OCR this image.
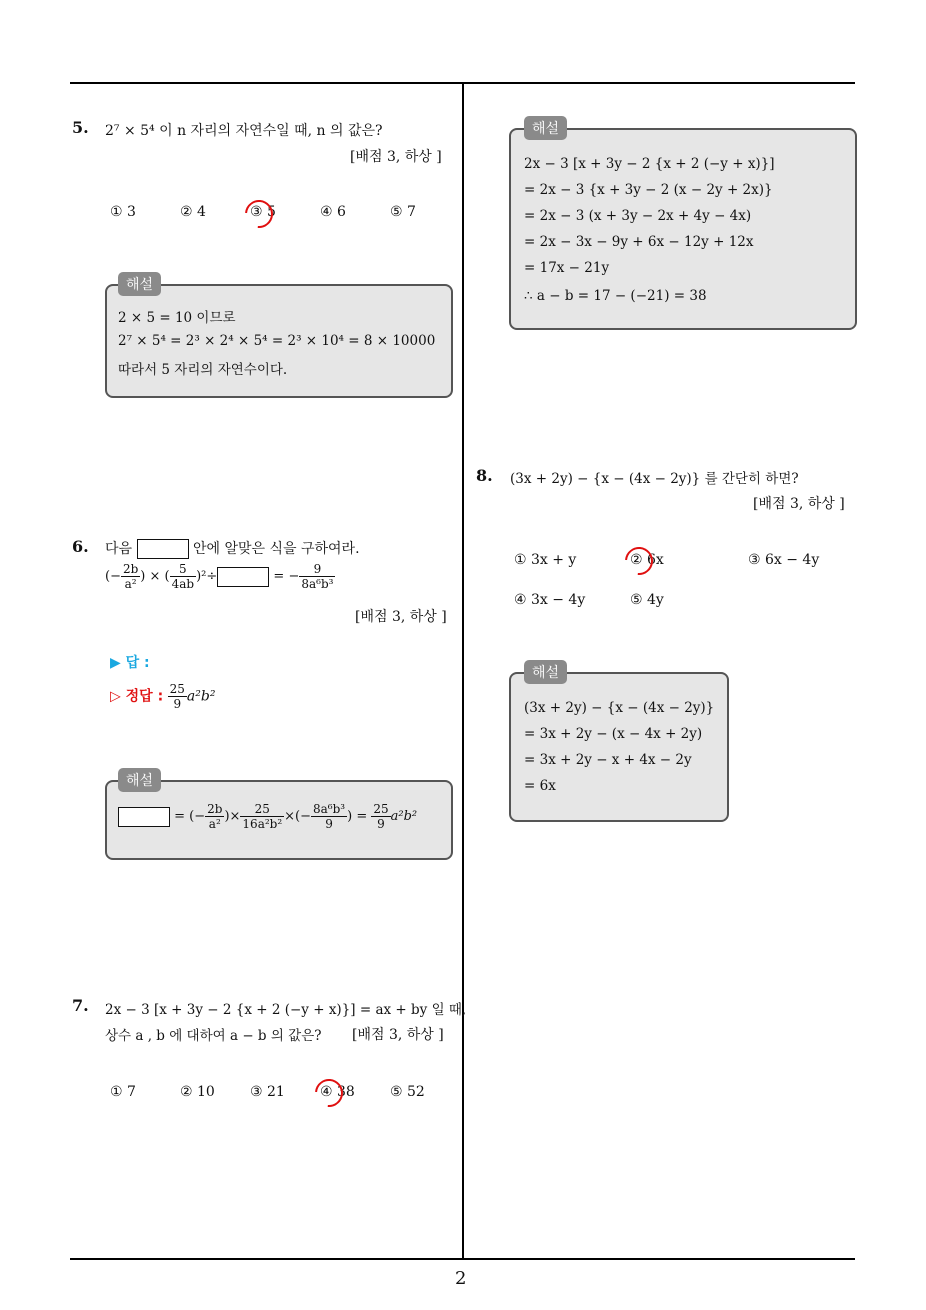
2
5. 2⁷ × 5⁴ 이 n 자리의 자연수일 때, n 의 값은?
[배점 3, 하상 ]
① 3	② 4	③ 5	④ 6	⑤ 7
해설
2 × 5 = 10 이므로
2⁷ × 5⁴ = 2³ × 2⁴ × 5⁴ = 2³ × 10⁴ = 8 × 10000
따라서 5 자리의 자연수이다.
6. 다음	안에 알맞은 식을 구하여라.
(− $\frac{2b}{\text{a²}}$ ) × ( $\frac{5}{4ab} )^2\div$	= − $\frac{9}{\text{8a⁶b³}}$
[배점 3, 하상 ]
▶ 답 :
▷ 정답 : $\frac{25}{9} a^2b^2$
해설
= (− $\frac{2b}{\text{a²}}$ )× $\frac{25}{\text{16a²b²}}$ ×(− $\frac{\text{8a⁶b³}}{9}$ ) = $\frac{25}{9} a^2b^2$
7. 2x − 3 [x + 3y − 2 {x + 2 (−y + x)}] = ax + by 일 때,
상수 a , b 에 대하여 a − b 의 값은? [배점 3, 하상 ]
① 7	② 10	③ 21	④ 38	⑤ 52
해설
2x − 3 [x + 3y − 2 {x + 2 (−y + x)}]
= 2x − 3 {x + 3y − 2 (x − 2y + 2x)}
= 2x − 3 (x + 3y − 2x + 4y − 4x)
= 2x − 3x − 9y + 6x − 12y + 12x
= 17x − 21y
∴ a − b = 17 − (−21) = 38
8. (3x + 2y) − {x − (4x − 2y)} 를 간단히 하면?
[배점 3, 하상 ]
① 3x + y	② 6x	③ 6x − 4y
④ 3x − 4y	⑤ 4y
해설
(3x + 2y) − {x − (4x − 2y)}
= 3x + 2y − (x − 4x + 2y)
= 3x + 2y − x + 4x − 2y
= 6x
